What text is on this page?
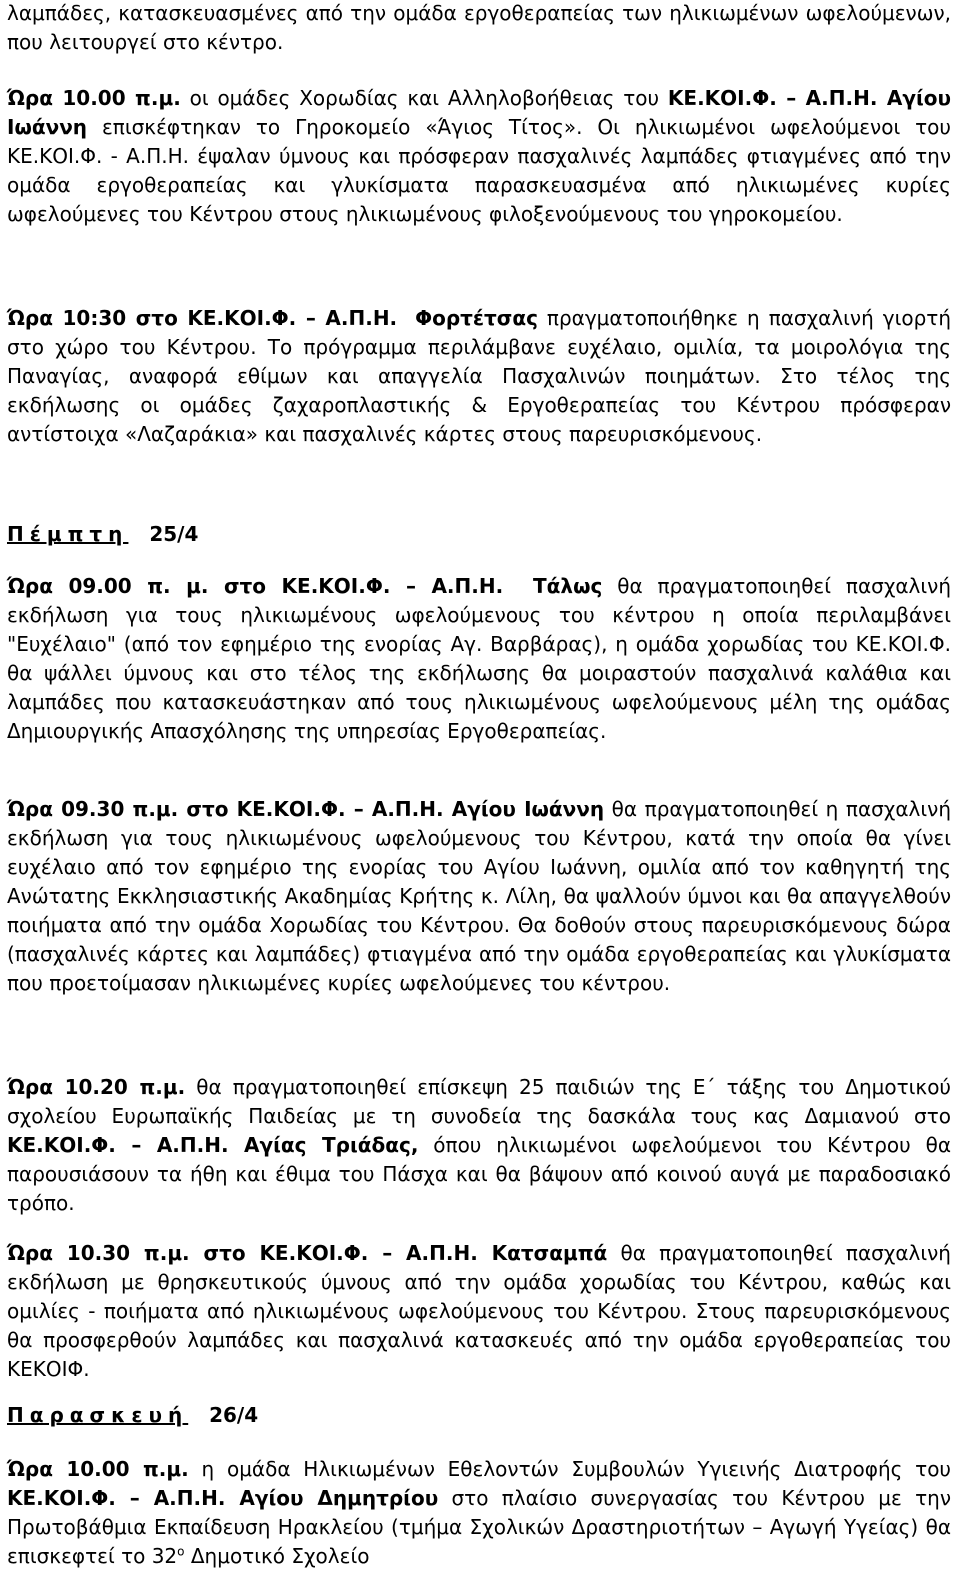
λαμπάδες, κατασκευασμένες από την ομάδα εργοθεραπείας των ηλικιωμένων ωφελούμενων, που λειτουργεί στο κέντρο.

Ώρα 10.00 π.μ. οι ομάδες Χορωδίας και Αλληλοβοήθειας του ΚΕ.ΚΟΙ.Φ. – Α.Π.Η. Αγίου Ιωάννη επισκέφτηκαν το Γηροκομείο «Άγιος Τίτος». Οι ηλικιωμένοι ωφελούμενοι του ΚΕ.ΚΟΙ.Φ. - Α.Π.Η. έψαλαν ύμνους και πρόσφεραν πασχαλινές λαμπάδες φτιαγμένες από την ομάδα εργοθεραπείας και γλυκίσματα παρασκευασμένα από ηλικιωμένες κυρίες ωφελούμενες του Κέντρου στους ηλικιωμένους φιλοξενούμενους του γηροκομείου.

Ώρα 10:30 στο ΚΕ.ΚΟΙ.Φ. – Α.Π.Η. Φορτέτσας πραγματοποιήθηκε η πασχαλινή γιορτή στο χώρο του Κέντρου. Το πρόγραμμα περιλάμβανε ευχέλαιο, ομιλία, τα μοιρολόγια της Παναγίας, αναφορά εθίμων και απαγγελία Πασχαλινών ποιημάτων. Στο τέλος της εκδήλωσης οι ομάδες ζαχαροπλαστικής & Εργοθεραπείας του Κέντρου πρόσφεραν αντίστοιχα «Λαζαράκια» και πασχαλινές κάρτες στους παρευρισκόμενους.

Πέμπτη 25/4

Ώρα 09.00 π. μ. στο ΚΕ.ΚΟΙ.Φ. – Α.Π.Η. Τάλως θα πραγματοποιηθεί πασχαλινή εκδήλωση για τους ηλικιωμένους ωφελούμενους του κέντρου η οποία περιλαμβάνει "Ευχέλαιο" (από τον εφημέριο της ενορίας Αγ. Βαρβάρας), η ομάδα χορωδίας του ΚΕ.ΚΟΙ.Φ. θα ψάλλει ύμνους και στο τέλος της εκδήλωσης θα μοιραστούν πασχαλινά καλάθια και λαμπάδες που κατασκευάστηκαν από τους ηλικιωμένους ωφελούμενους μέλη της ομάδας Δημιουργικής Απασχόλησης της υπηρεσίας Εργοθεραπείας.

Ώρα 09.30 π.μ. στο ΚΕ.ΚΟΙ.Φ. – Α.Π.Η. Αγίου Ιωάννη θα πραγματοποιηθεί η πασχαλινή εκδήλωση για τους ηλικιωμένους ωφελούμενους του Κέντρου, κατά την οποία θα γίνει ευχέλαιο από τον εφημέριο της ενορίας του Αγίου Ιωάννη, ομιλία από τον καθηγητή της Ανώτατης Εκκλησιαστικής Ακαδημίας Κρήτης κ. Λίλη, θα ψαλλούν ύμνοι και θα απαγγελθούν ποιήματα από την ομάδα Χορωδίας του Κέντρου. Θα δοθούν στους παρευρισκόμενους δώρα (πασχαλινές κάρτες και λαμπάδες) φτιαγμένα από την ομάδα εργοθεραπείας και γλυκίσματα που προετοίμασαν ηλικιωμένες κυρίες ωφελούμενες του κέντρου.

Ώρα 10.20 π.μ. θα πραγματοποιηθεί επίσκεψη 25 παιδιών της Ε΄ τάξης του Δημοτικού σχολείου Ευρωπαϊκής Παιδείας με τη συνοδεία της δασκάλα τους κας Δαμιανού στο ΚΕ.ΚΟΙ.Φ. – Α.Π.Η. Αγίας Τριάδας, όπου ηλικιωμένοι ωφελούμενοι του Κέντρου θα παρουσιάσουν τα ήθη και έθιμα του Πάσχα και θα βάψουν από κοινού αυγά με παραδοσιακό τρόπο.

Ώρα 10.30 π.μ. στο ΚΕ.ΚΟΙ.Φ. – Α.Π.Η. Κατσαμπά θα πραγματοποιηθεί πασχαλινή εκδήλωση με θρησκευτικούς ύμνους από την ομάδα χορωδίας του Κέντρου, καθώς και ομιλίες - ποιήματα από ηλικιωμένους ωφελούμενους του Κέντρου. Στους παρευρισκόμενους θα προσφερθούν λαμπάδες και πασχαλινά κατασκευές από την ομάδα εργοθεραπείας του ΚΕΚΟΙΦ.

Παρασκευή 26/4

Ώρα 10.00 π.μ. η ομάδα Ηλικιωμένων Εθελοντών Συμβουλών Υγιεινής Διατροφής του ΚΕ.ΚΟΙ.Φ. – Α.Π.Η. Αγίου Δημητρίου στο πλαίσιο συνεργασίας του Κέντρου με την Πρωτοβάθμια Εκπαίδευση Ηρακλείου (τμήμα Σχολικών Δραστηριοτήτων – Αγωγή Υγείας) θα επισκεφτεί το $32^o$ Δημοτικό Σχολείο
